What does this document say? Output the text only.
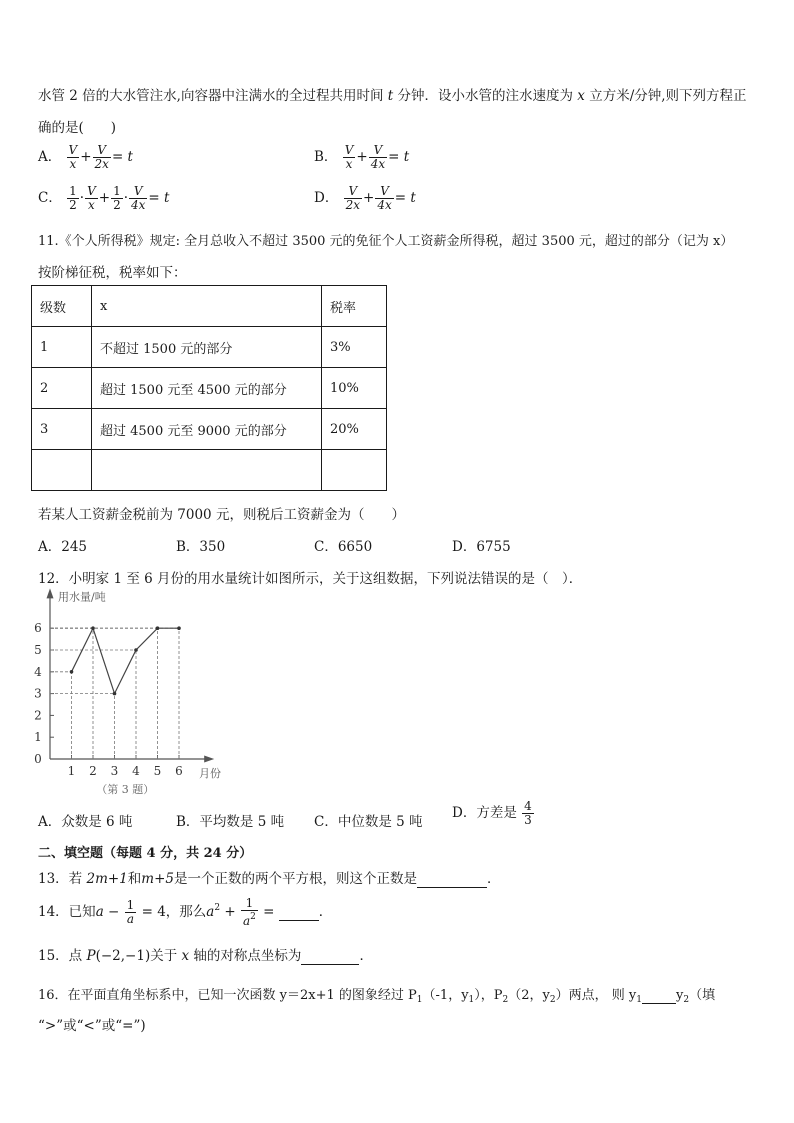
水管 2 倍的大水管注水,向容器中注满水的全过程共用时间 t 分钟．设小水管的注水速度为 x 立方米/分钟,则下列方程正
确的是(　　)
A． $\frac{V}{x} + \frac{V}{2x} = t$	B． $\frac{V}{x} + \frac{V}{4x} = t$
C． $\frac{1}{2} \cdot \frac{V}{x} + \frac{1}{2} \cdot \frac{V}{4x} = t$	D． $\frac{V}{2x} + \frac{V}{4x} = t$
11.《个人所得税》规定: 全月总收入不超过 3500 元的免征个人工资薪金所得税，超过 3500 元，超过的部分（记为 x）
按阶梯征税，税率如下：
级数	x	税率
1	不超过 1500 元的部分	3%
2	超过 1500 元至 4500 元的部分	10%
3	超过 4500 元至 9000 元的部分	20%

若某人工资薪金税前为 7000 元，则税后工资薪金为（　　）
A．245	B．350	C．6650	D．6755
12．小明家 1 至 6 月份的用水量统计如图所示，关于这组数据，下列说法错误的是（　）．
用水量/吨
月份
0
1
2
3
4
5
6
1 2 3 4 5 6
（第 3 题）
A．众数是 6 吨	B．平均数是 5 吨 C．中位数是 5 吨
D．方差是 $\frac{4}{3}$
二、填空题（每题 4 分，共 24 分）
13．若 2m+1和m+5是一个正数的两个平方根，则这个正数是	．
14．已知$a - \frac{1}{a} = 4$，那么$a^2 + \frac{1}{a^2}$ =	．
15．点 P(−2,−1)关于 x 轴的对称点坐标为	．
16．在平面直角坐标系中，已知一次函数 y＝2x+1 的图象经过 $P_1(-1$，$y_1$），$P_2(2$，$y_2$）两点， 则 $y_1$	$y_2$（填
“>”或“<”或“=”)
